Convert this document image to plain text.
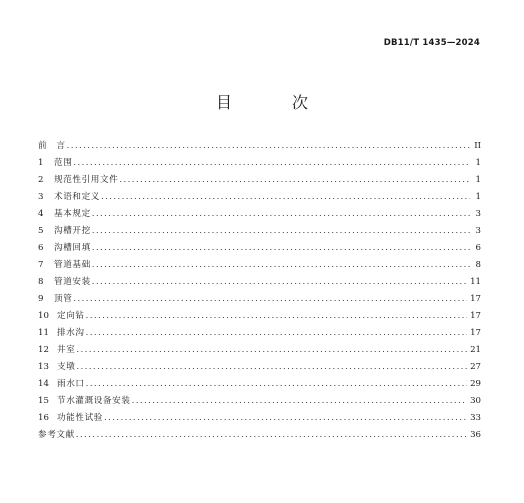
DB11/T 1435—2024
目　次
前　言 .....	II
1	范围 .....	1
2	规范性引用文件 .....	1
3	术语和定义 .....	1
4	基本规定 .....	3
5	沟槽开挖 .....	3
6	沟槽回填 .....	6
7	管道基础 .....	8
8	管道安装 .....	11
9	顶管 .....	17
10 定向钻 .....	17
11 排水沟 .....	17
12 井室 .....	21
13 支墩 .....	27
14 雨水口 .....	29
15 节水灌溉设备安装 .....	30
16 功能性试验 .....	33
参考文献 .....	36
